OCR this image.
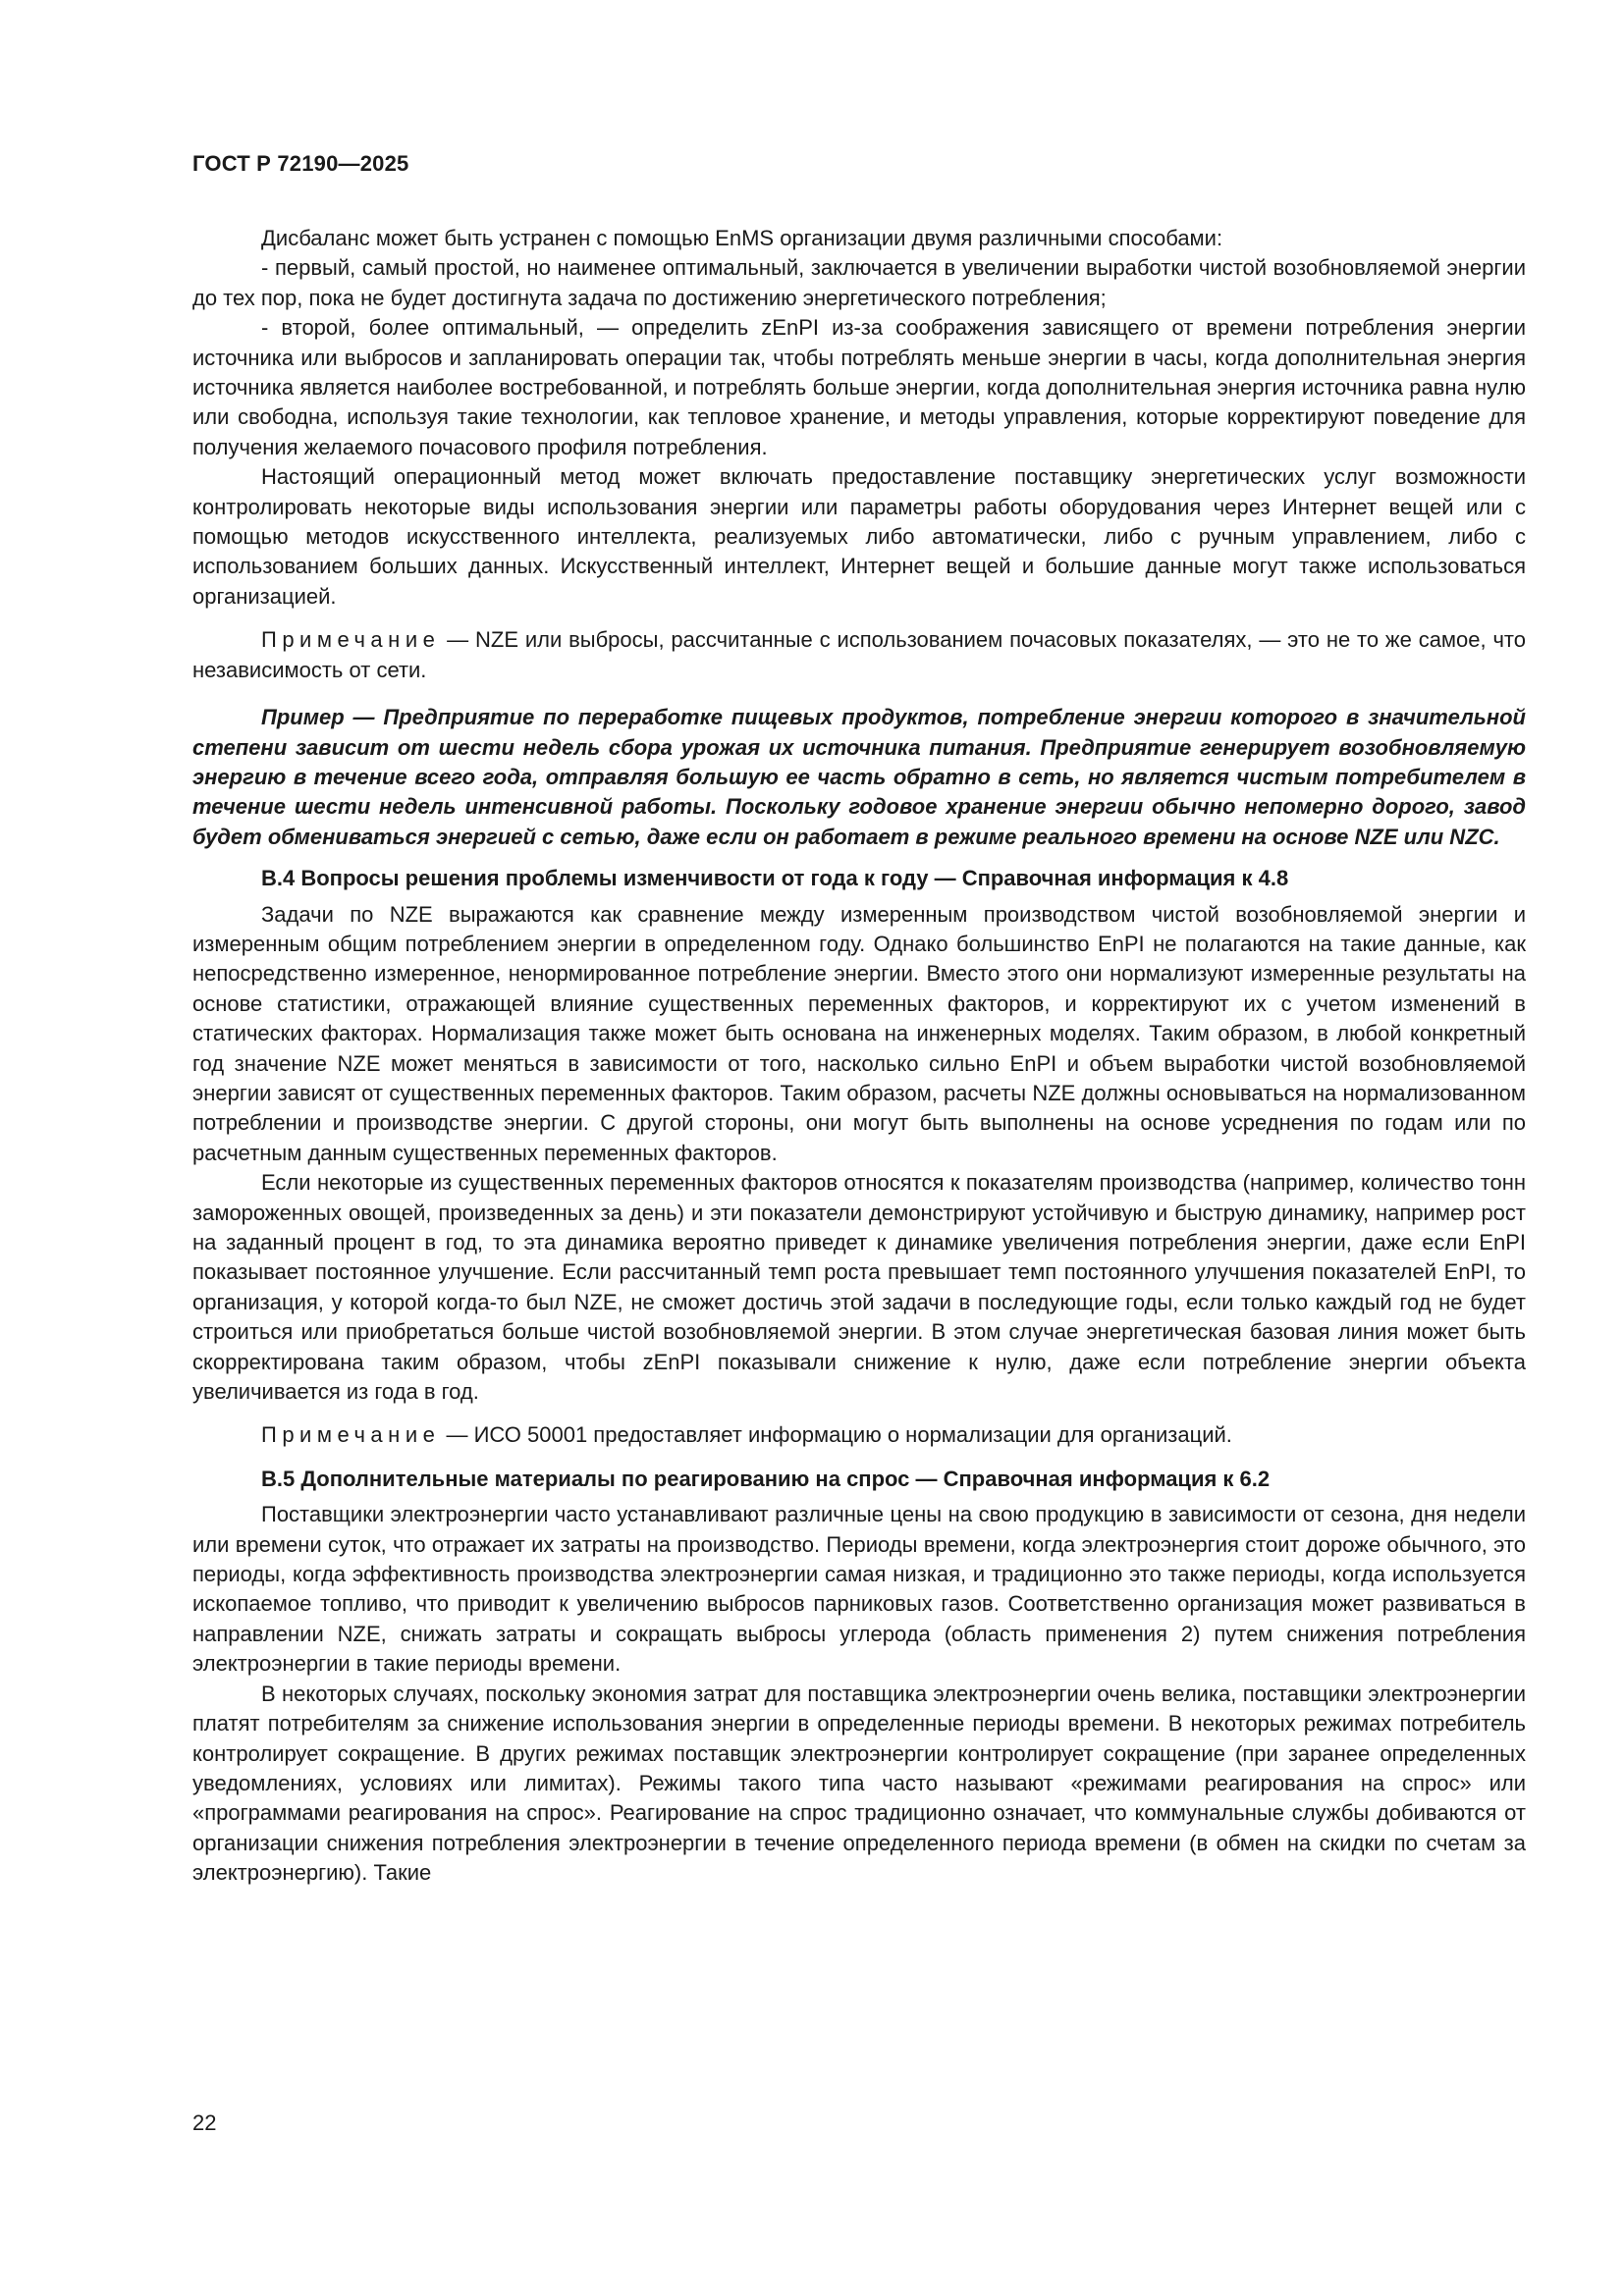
ГОСТ Р 72190—2025

Дисбаланс может быть устранен с помощью EnMS организации двумя различными способами:

- первый, самый простой, но наименее оптимальный, заключается в увеличении выработки чистой возобновляемой энергии до тех пор, пока не будет достигнута задача по достижению энергетического потребления;

- второй, более оптимальный, — определить zEnPI из-за соображения зависящего от времени потребления энергии источника или выбросов и запланировать операции так, чтобы потреблять меньше энергии в часы, когда дополнительная энергия источника является наиболее востребованной, и потреблять больше энергии, когда дополнительная энергия источника равна нулю или свободна, используя такие технологии, как тепловое хранение, и методы управления, которые корректируют поведение для получения желаемого почасового профиля потребления.

Настоящий операционный метод может включать предоставление поставщику энергетических услуг возможности контролировать некоторые виды использования энергии или параметры работы оборудования через Интернет вещей или с помощью методов искусственного интеллекта, реализуемых либо автоматически, либо с ручным управлением, либо с использованием больших данных. Искусственный интеллект, Интернет вещей и большие данные могут также использоваться организацией.

Примечание — NZE или выбросы, рассчитанные с использованием почасовых показателях, — это не то же самое, что независимость от сети.

Пример — Предприятие по переработке пищевых продуктов, потребление энергии которого в значительной степени зависит от шести недель сбора урожая их источника питания. Предприятие генерирует возобновляемую энергию в течение всего года, отправляя большую ее часть обратно в сеть, но является чистым потребителем в течение шести недель интенсивной работы. Поскольку годовое хранение энергии обычно непомерно дорого, завод будет обмениваться энергией с сетью, даже если он работает в режиме реального времени на основе NZE или NZC.

В.4 Вопросы решения проблемы изменчивости от года к году — Справочная информация к 4.8

Задачи по NZE выражаются как сравнение между измеренным производством чистой возобновляемой энергии и измеренным общим потреблением энергии в определенном году. Однако большинство EnPI не полагаются на такие данные, как непосредственно измеренное, ненормированное потребление энергии. Вместо этого они нормализуют измеренные результаты на основе статистики, отражающей влияние существенных переменных факторов, и корректируют их с учетом изменений в статических факторах. Нормализация также может быть основана на инженерных моделях. Таким образом, в любой конкретный год значение NZE может меняться в зависимости от того, насколько сильно EnPI и объем выработки чистой возобновляемой энергии зависят от существенных переменных факторов. Таким образом, расчеты NZE должны основываться на нормализованном потреблении и производстве энергии. С другой стороны, они могут быть выполнены на основе усреднения по годам или по расчетным данным существенных переменных факторов.

Если некоторые из существенных переменных факторов относятся к показателям производства (например, количество тонн замороженных овощей, произведенных за день) и эти показатели демонстрируют устойчивую и быструю динамику, например рост на заданный процент в год, то эта динамика вероятно приведет к динамике увеличения потребления энергии, даже если EnPI показывает постоянное улучшение. Если рассчитанный темп роста превышает темп постоянного улучшения показателей EnPI, то организация, у которой когда-то был NZE, не сможет достичь этой задачи в последующие годы, если только каждый год не будет строиться или приобретаться больше чистой возобновляемой энергии. В этом случае энергетическая базовая линия может быть скорректирована таким образом, чтобы zEnPI показывали снижение к нулю, даже если потребление энергии объекта увеличивается из года в год.

Примечание — ИСО 50001 предоставляет информацию о нормализации для организаций.

В.5 Дополнительные материалы по реагированию на спрос — Справочная информация к 6.2

Поставщики электроэнергии часто устанавливают различные цены на свою продукцию в зависимости от сезона, дня недели или времени суток, что отражает их затраты на производство. Периоды времени, когда электроэнергия стоит дороже обычного, это периоды, когда эффективность производства электроэнергии самая низкая, и традиционно это также периоды, когда используется ископаемое топливо, что приводит к увеличению выбросов парниковых газов. Соответственно организация может развиваться в направлении NZE, снижать затраты и сокращать выбросы углерода (область применения 2) путем снижения потребления электроэнергии в такие периоды времени.

В некоторых случаях, поскольку экономия затрат для поставщика электроэнергии очень велика, поставщики электроэнергии платят потребителям за снижение использования энергии в определенные периоды времени. В некоторых режимах потребитель контролирует сокращение. В других режимах поставщик электроэнергии контролирует сокращение (при заранее определенных уведомлениях, условиях или лимитах). Режимы такого типа часто называют «режимами реагирования на спрос» или «программами реагирования на спрос». Реагирование на спрос традиционно означает, что коммунальные службы добиваются от организации снижения потребления электроэнергии в течение определенного периода времени (в обмен на скидки по счетам за электроэнергию). Такие

22
